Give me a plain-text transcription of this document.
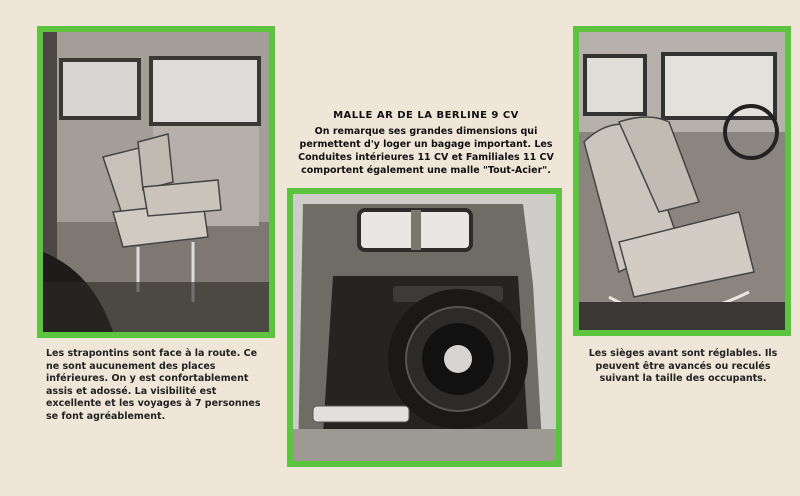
MALLE AR DE LA BERLINE 9 CV
On remarque ses grandes dimensions qui permettent d'y loger un bagage important. Les Conduites intérieures 11 CV et Familiales 11 CV comportent également une malle "Tout-Acier".
Les strapontins sont face à la route. Ce ne sont aucunement des places inférieures. On y est confortablement assis et adossé. La visibilité est excellente et les voyages à 7 personnes se font agréablement.
Les sièges avant sont réglables. Ils peuvent être avancés ou reculés suivant la taille des occupants.
